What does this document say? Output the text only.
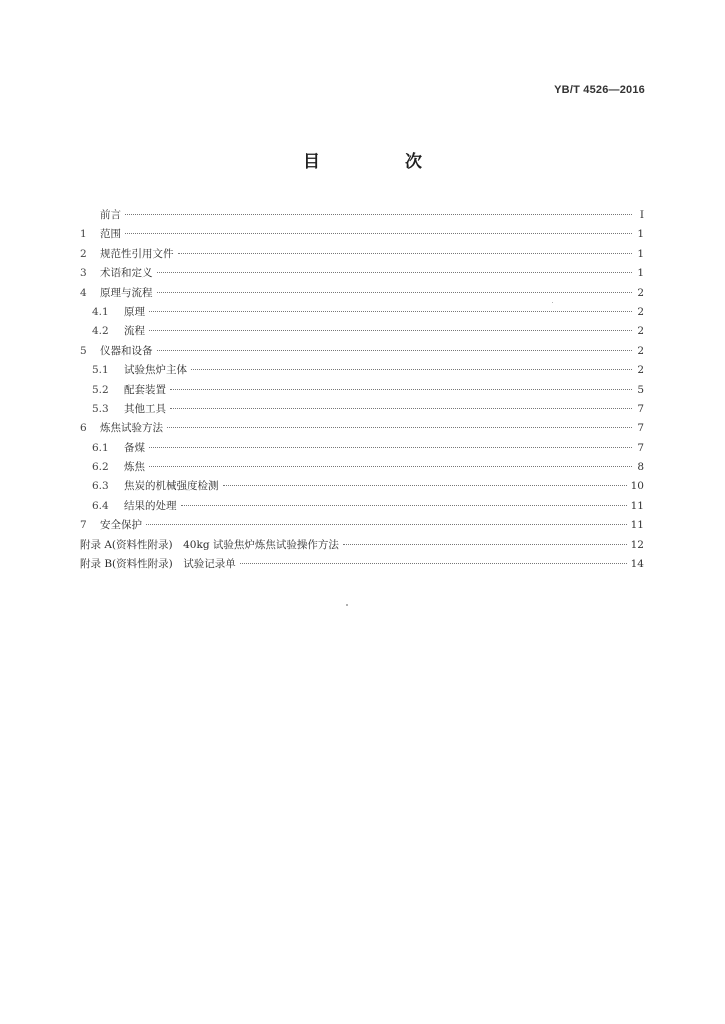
YB/T 4526—2016
目　次
前言	Ⅰ
1	范围	1
2	规范性引用文件	1
3	术语和定义	1
4	原理与流程	2
4.1	原理	2
4.2	流程	2
5	仪器和设备	2
5.1	试验焦炉主体	2
5.2	配套装置	5
5.3	其他工具	7
6	炼焦试验方法	7
6.1	备煤	7
6.2	炼焦	8
6.3	焦炭的机械强度检测	10
6.4	结果的处理	11
7	安全保护	11
附录 A(资料性附录)　40kg 试验焦炉炼焦试验操作方法	12
附录 B(资料性附录)　试验记录单	14
